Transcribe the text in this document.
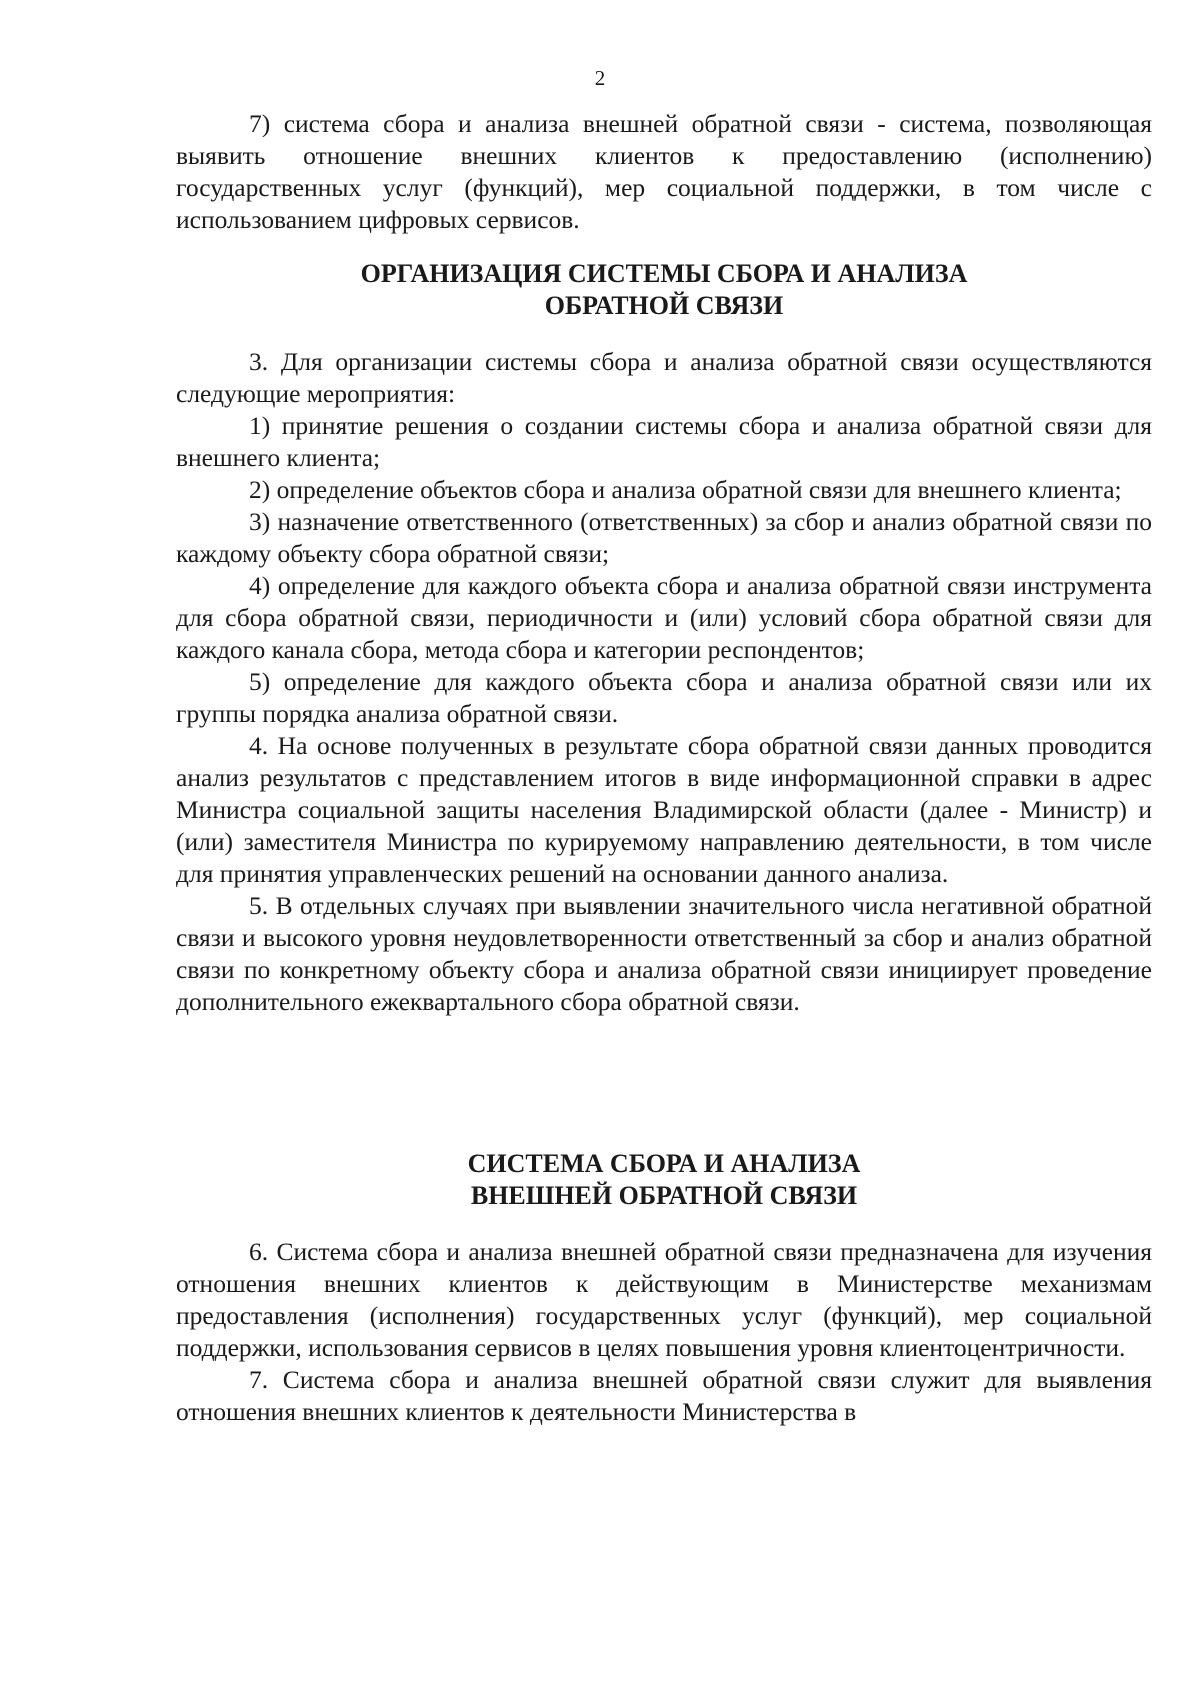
2

7) система сбора и анализа внешней обратной связи - система, позволяющая выявить отношение внешних клиентов к предоставлению (исполнению) государственных услуг (функций), мер социальной поддержки, в том числе с использованием цифровых сервисов.

ОРГАНИЗАЦИЯ СИСТЕМЫ СБОРА И АНАЛИЗА
ОБРАТНОЙ СВЯЗИ

3. Для организации системы сбора и анализа обратной связи осуществляются следующие мероприятия:

1) принятие решения о создании системы сбора и анализа обратной связи для внешнего клиента;

2) определение объектов сбора и анализа обратной связи для внешнего клиента;

3) назначение ответственного (ответственных) за сбор и анализ обратной связи по каждому объекту сбора обратной связи;

4) определение для каждого объекта сбора и анализа обратной связи инструмента для сбора обратной связи, периодичности и (или) условий сбора обратной связи для каждого канала сбора, метода сбора и категории респондентов;

5) определение для каждого объекта сбора и анализа обратной связи или их группы порядка анализа обратной связи.

4. На основе полученных в результате сбора обратной связи данных проводится анализ результатов с представлением итогов в виде информационной справки в адрес Министра социальной защиты населения Владимирской области (далее - Министр) и (или) заместителя Министра по курируемому направлению деятельности, в том числе для принятия управленческих решений на основании данного анализа.

5. В отдельных случаях при выявлении значительного числа негативной обратной связи и высокого уровня неудовлетворенности ответственный за сбор и анализ обратной связи по конкретному объекту сбора и анализа обратной связи инициирует проведение дополнительного ежеквартального сбора обратной связи.

СИСТЕМА СБОРА И АНАЛИЗА
ВНЕШНЕЙ ОБРАТНОЙ СВЯЗИ

6. Система сбора и анализа внешней обратной связи предназначена для изучения отношения внешних клиентов к действующим в Министерстве механизмам предоставления (исполнения) государственных услуг (функций), мер социальной поддержки, использования сервисов в целях повышения уровня клиентоцентричности.

7. Система сбора и анализа внешней обратной связи служит для выявления отношения внешних клиентов к деятельности Министерства в
